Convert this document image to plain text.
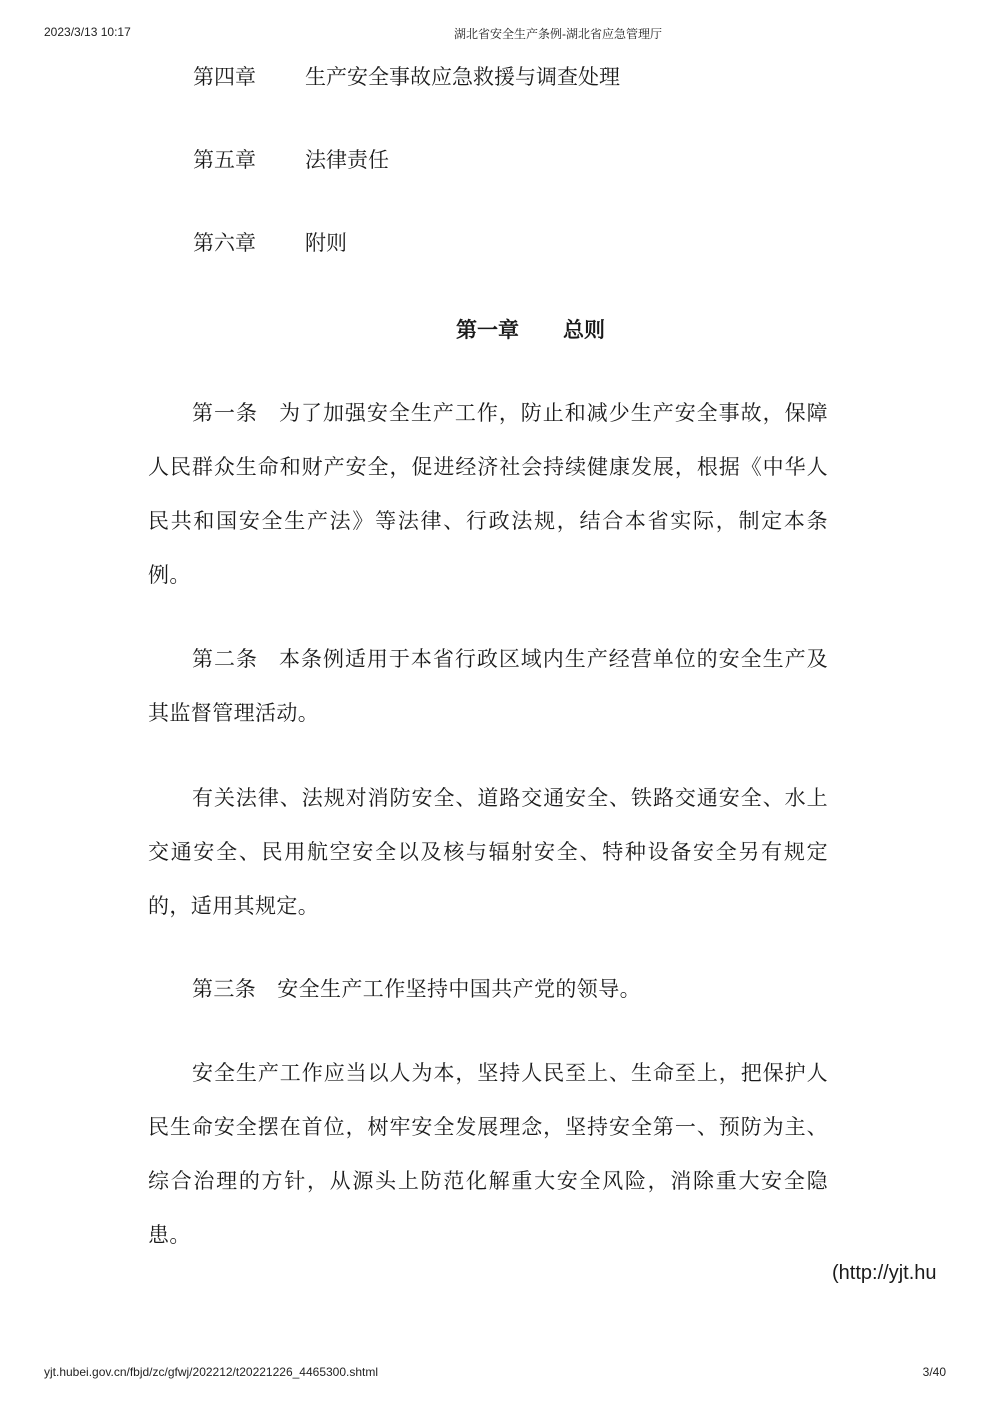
2023/3/13 10:17	湖北省安全生产条例-湖北省应急管理厅
第四章 生产安全事故应急救援与调查处理
第五章 法律责任
第六章 附则
第一章 总则
第一条 为了加强安全生产工作，防止和减少生产安全事故，保障人民群众生命和财产安全，促进经济社会持续健康发展，根据《中华人民共和国安全生产法》等法律、行政法规，结合本省实际，制定本条例。
第二条 本条例适用于本省行政区域内生产经营单位的安全生产及其监督管理活动。
有关法律、法规对消防安全、道路交通安全、铁路交通安全、水上交通安全、民用航空安全以及核与辐射安全、特种设备安全另有规定的，适用其规定。
第三条 安全生产工作坚持中国共产党的领导。
安全生产工作应当以人为本，坚持人民至上、生命至上，把保护人民生命安全摆在首位，树牢安全发展理念，坚持安全第一、预防为主、综合治理的方针，从源头上防范化解重大安全风险，消除重大安全隐患。
(http://yjt.hu
yjt.hubei.gov.cn/fbjd/zc/gfwj/202212/t20221226_4465300.shtml	3/40
